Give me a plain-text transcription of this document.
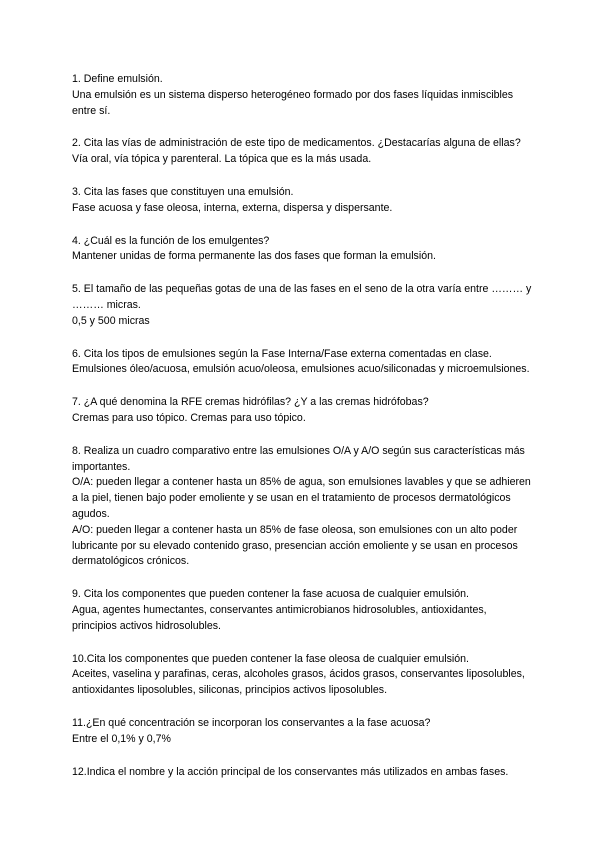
1. Define emulsión.

Una emulsión es un sistema disperso heterogéneo formado por dos fases líquidas inmiscibles entre sí.

2. Cita las vías de administración de este tipo de medicamentos. ¿Destacarías alguna de ellas?

Vía oral, vía tópica y parenteral. La tópica que es la más usada.

3. Cita las fases que constituyen una emulsión.

Fase acuosa y fase oleosa, interna, externa, dispersa y dispersante.

4. ¿Cuál es la función de los emulgentes?

Mantener unidas de forma permanente las dos fases que forman la emulsión.

5. El tamaño de las pequeñas gotas de una de las fases en el seno de la otra varía entre ……… y ……… micras.

0,5 y 500 micras

6. Cita los tipos de emulsiones según la Fase Interna/Fase externa comentadas en clase.

Emulsiones óleo/acuosa, emulsión acuo/oleosa, emulsiones acuo/siliconadas y microemulsiones.

7. ¿A qué denomina la RFE cremas hidrófilas? ¿Y a las cremas hidrófobas?

Cremas para uso tópico. Cremas para uso tópico.

8. Realiza un cuadro comparativo entre las emulsiones O/A y A/O según sus características más importantes.

O/A: pueden llegar a contener hasta un 85% de agua, son emulsiones lavables y que se adhieren a la piel, tienen bajo poder emoliente y se usan en el tratamiento de procesos dermatológicos agudos.

A/O: pueden llegar a contener hasta un 85% de fase oleosa, son emulsiones con un alto poder lubricante por su elevado contenido graso, presencian acción emoliente y se usan en procesos dermatológicos crónicos.

9. Cita los componentes que pueden contener la fase acuosa de cualquier emulsión.

Agua, agentes humectantes, conservantes antimicrobianos hidrosolubles, antioxidantes, principios activos hidrosolubles.

10.Cita los componentes que pueden contener la fase oleosa de cualquier emulsión.

Aceites, vaselina y parafinas, ceras, alcoholes grasos, ácidos grasos, conservantes liposolubles, antioxidantes liposolubles, siliconas, principios activos liposolubles.

11.¿En qué concentración se incorporan los conservantes a la fase acuosa?

Entre el 0,1% y 0,7%

12.Indica el nombre y la acción principal de los conservantes más utilizados en ambas fases.
